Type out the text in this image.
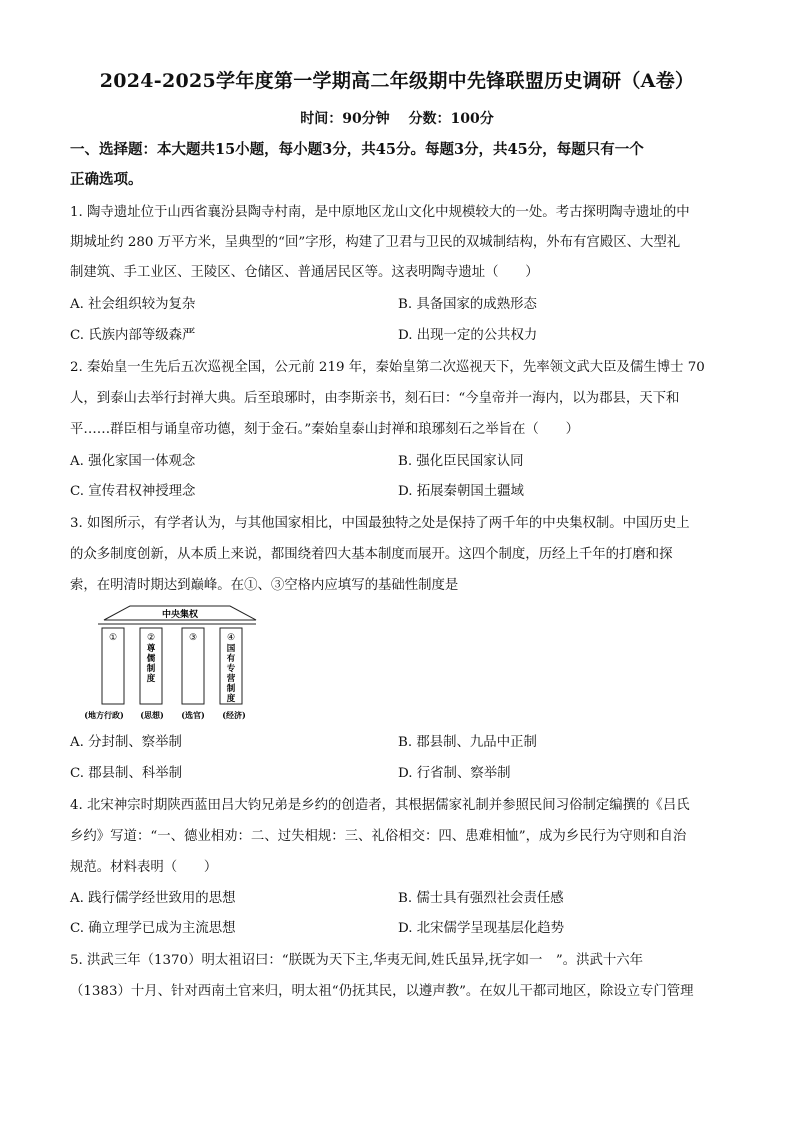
2024-2025学年度第一学期高二年级期中先锋联盟历史调研（A卷）
时间：90分钟　 分数：100分
一、选择题：本大题共15小题，每小题3分，共45分。每题3分，共45分，每题只有一个
正确选项。
1. 陶寺遗址位于山西省襄汾县陶寺村南，是中原地区龙山文化中规模较大的一处。考古探明陶寺遗址的中
期城址约 280 万平方米，呈典型的“回”字形，构建了卫君与卫民的双城制结构，外布有宫殿区、大型礼
制建筑、手工业区、王陵区、仓储区、普通居民区等。这表明陶寺遗址（　　）
A. 社会组织较为复杂	B. 具备国家的成熟形态
C. 氏族内部等级森严	D. 出现一定的公共权力
2. 秦始皇一生先后五次巡视全国，公元前 219 年，秦始皇第二次巡视天下，先率领文武大臣及儒生博士 70
人，到泰山去举行封禅大典。后至琅琊时，由李斯亲书，刻石曰：“今皇帝并一海内，以为郡县，天下和
平……群臣相与诵皇帝功德，刻于金石。”秦始皇泰山封禅和琅琊刻石之举旨在（　　）
A. 强化家国一体观念	B. 强化臣民国家认同
C. 宣传君权神授理念	D. 拓展秦朝国土疆域
3. 如图所示，有学者认为，与其他国家相比，中国最独特之处是保持了两千年的中央集权制。中国历史上
的众多制度创新，从本质上来说，都围绕着四大基本制度而展开。这四个制度，历经上千年的打磨和探
索，在明清时期达到巅峰。在①、③空格内应填写的基础性制度是
中央集权
①	②	③	④
尊儒制度
国有专营制度
(地方行政) (思想) (选官) (经济)
A. 分封制、察举制	B. 郡县制、九品中正制
C. 郡县制、科举制	D. 行省制、察举制
4. 北宋神宗时期陕西蓝田吕大钧兄弟是乡约的创造者，其根据儒家礼制并参照民间习俗制定编撰的《吕氏
乡约》写道：“一、德业相劝：二、过失相规：三、礼俗相交：四、患难相恤”，成为乡民行为守则和自治
规范。材料表明（　　）
A. 践行儒学经世致用的思想	B. 儒士具有强烈社会责任感
C. 确立理学已成为主流思想	D. 北宋儒学呈现基层化趋势
5. 洪武三年（1370）明太祖诏曰：“朕既为天下主,华夷无间,姓氏虽异,抚字如一　”。洪武十六年
（1383）十月、针对西南土官来归，明太祖“仍抚其民，以遵声教”。在奴儿干都司地区，除设立专门管理
